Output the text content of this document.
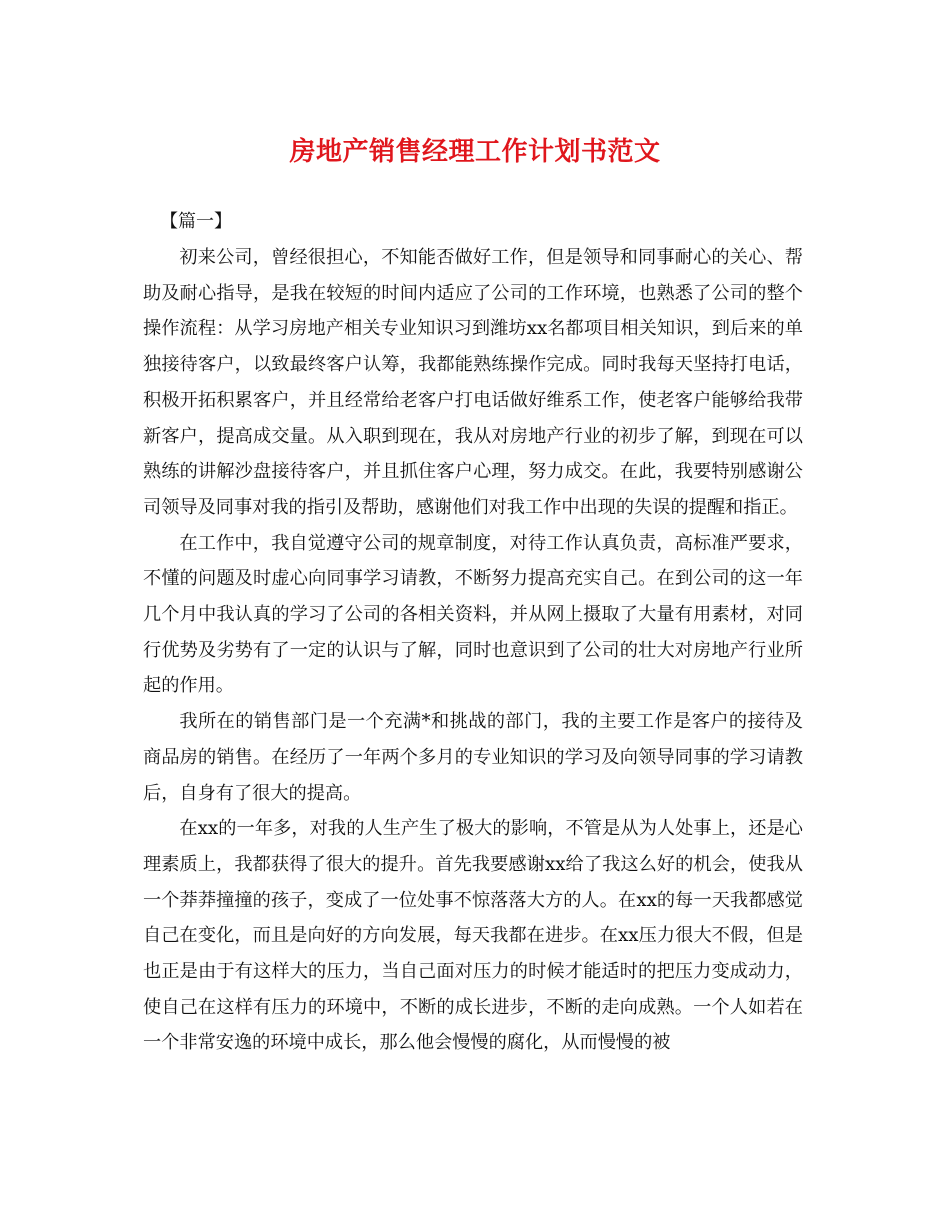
房地产销售经理工作计划书范文
【篇一】

初来公司，曾经很担心，不知能否做好工作，但是领导和同事耐心的关心、帮助及耐心指导，是我在较短的时间内适应了公司的工作环境，也熟悉了公司的整个操作流程：从学习房地产相关专业知识习到潍坊xx名都项目相关知识，到后来的单独接待客户，以致最终客户认筹，我都能熟练操作完成。同时我每天坚持打电话，积极开拓积累客户，并且经常给老客户打电话做好维系工作，使老客户能够给我带新客户，提高成交量。从入职到现在，我从对房地产行业的初步了解，到现在可以熟练的讲解沙盘接待客户，并且抓住客户心理，努力成交。在此，我要特别感谢公司领导及同事对我的指引及帮助，感谢他们对我工作中出现的失误的提醒和指正。

在工作中，我自觉遵守公司的规章制度，对待工作认真负责，高标准严要求，不懂的问题及时虚心向同事学习请教，不断努力提高充实自己。在到公司的这一年几个月中我认真的学习了公司的各相关资料，并从网上摄取了大量有用素材，对同行优势及劣势有了一定的认识与了解，同时也意识到了公司的壮大对房地产行业所起的作用。

我所在的销售部门是一个充满*和挑战的部门，我的主要工作是客户的接待及商品房的销售。在经历了一年两个多月的专业知识的学习及向领导同事的学习请教后，自身有了很大的提高。

在xx的一年多，对我的人生产生了极大的影响，不管是从为人处事上，还是心理素质上，我都获得了很大的提升。首先我要感谢xx给了我这么好的机会，使我从一个莽莽撞撞的孩子，变成了一位处事不惊落落大方的人。在xx的每一天我都感觉自己在变化，而且是向好的方向发展，每天我都在进步。在xx压力很大不假，但是也正是由于有这样大的压力，当自己面对压力的时候才能适时的把压力变成动力，使自己在这样有压力的环境中，不断的成长进步，不断的走向成熟。一个人如若在一个非常安逸的环境中成长，那么他会慢慢的腐化，从而慢慢的被
